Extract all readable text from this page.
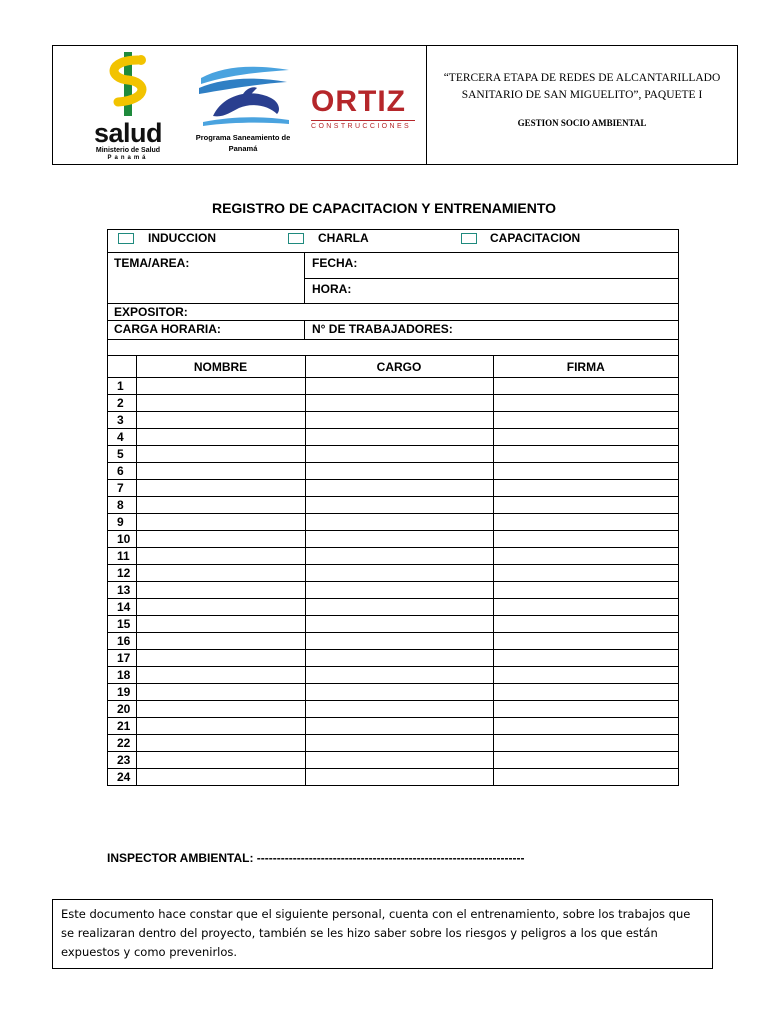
salud
Ministerio de Salud
Panamá
Programa Saneamiento de Panamá
ORTIZ
CONSTRUCCIONES
“TERCERA ETAPA DE REDES DE ALCANTARILLADO SANITARIO DE SAN MIGUELITO”, PAQUETE I
GESTION SOCIO AMBIENTAL
REGISTRO DE CAPACITACION Y ENTRENAMIENTO
INDUCCION	CHARLA	CAPACITACION
TEMA/AREA:	FECHA:
HORA:
EXPOSITOR:
CARGA HORARIA:	N° DE TRABAJADORES:
	NOMBRE	CARGO	FIRMA
1			
2			
3			
4			
5			
6			
7			
8			
9			
10			
11			
12			
13			
14			
15			
16			
17			
18			
19			
20			
21			
22			
23			
24			
INSPECTOR AMBIENTAL: -------------------------------------------------------------------
Este documento hace constar que el siguiente personal, cuenta con el entrenamiento, sobre los trabajos que se realizaran dentro del proyecto, también se les hizo saber sobre los riesgos y peligros a los que están expuestos y como prevenirlos.
